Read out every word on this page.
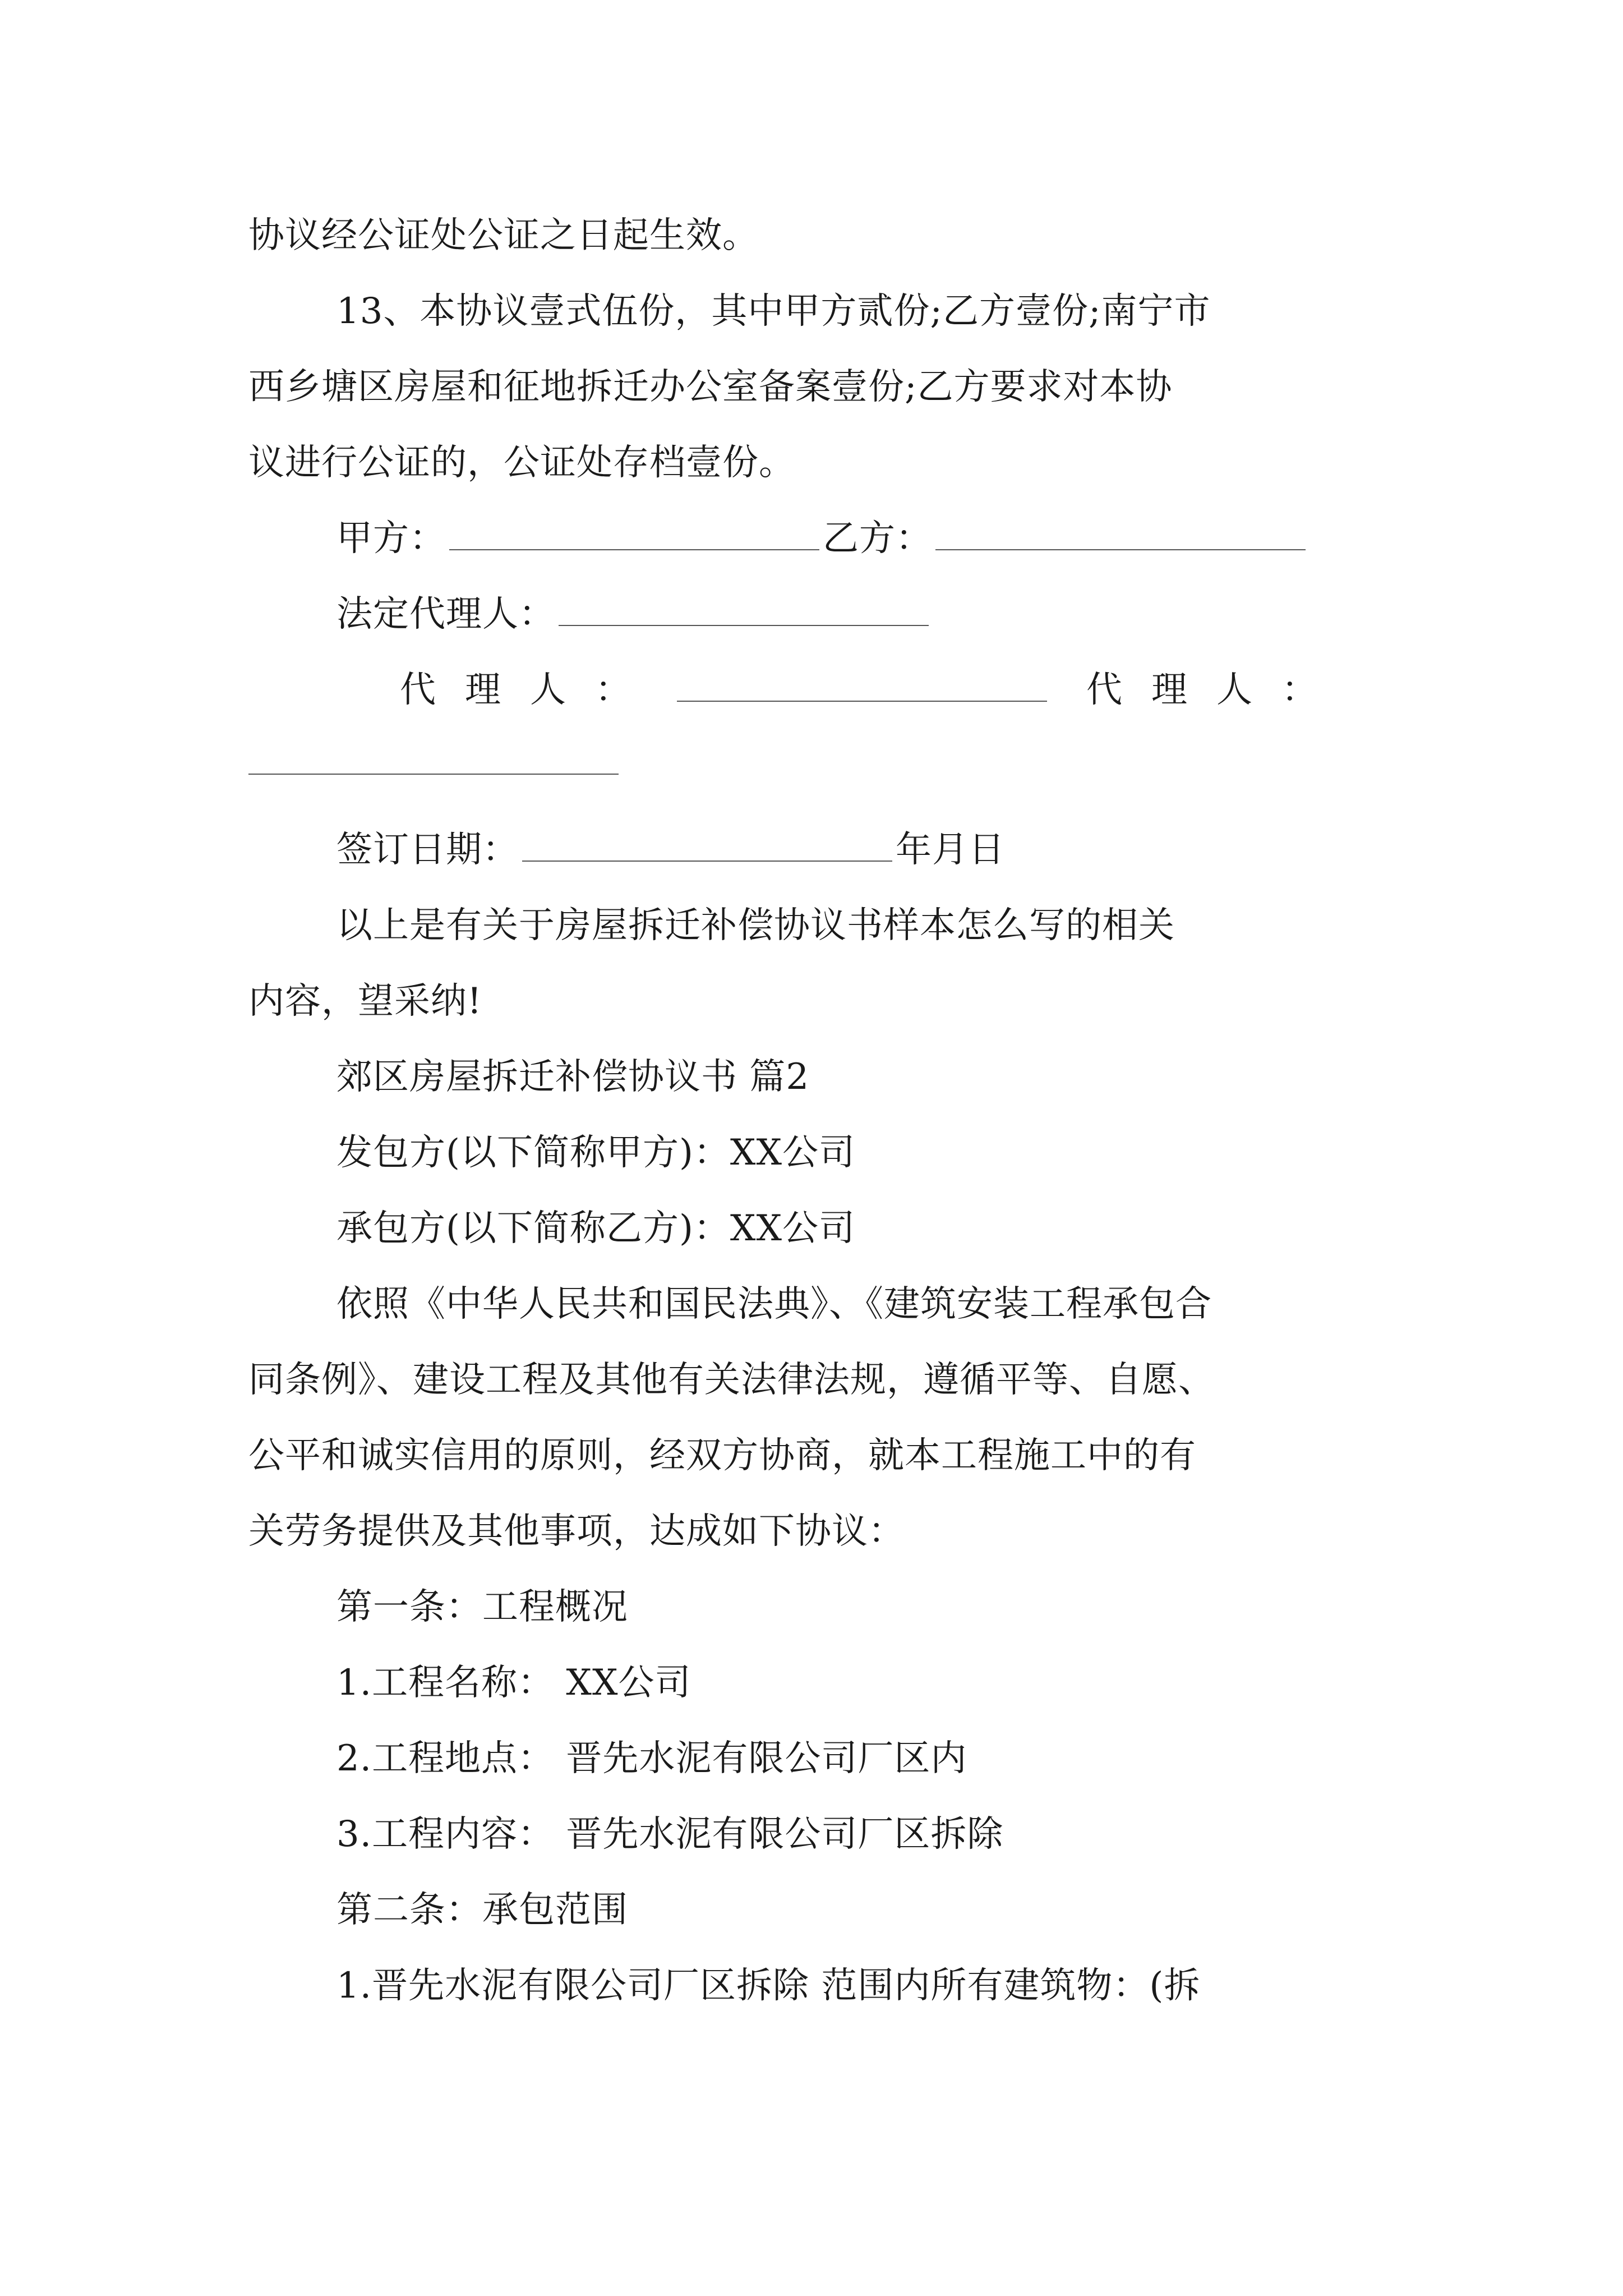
协议经公证处公证之日起生效。
13、本协议壹式伍份，其中甲方贰份;乙方壹份;南宁市
西乡塘区房屋和征地拆迁办公室备案壹份;乙方要求对本协
议进行公证的，公证处存档壹份。
甲方：	乙方：
法定代理人：
代理人：	代理人：
签订日期：	年月日
以上是有关于房屋拆迁补偿协议书样本怎么写的相关
内容，望采纳!
郊区房屋拆迁补偿协议书 篇2
发包方(以下简称甲方)：XX公司
承包方(以下简称乙方)：XX公司
依照《中华人民共和国民法典》、《建筑安装工程承包合
同条例》、建设工程及其他有关法律法规，遵循平等、自愿、
公平和诚实信用的原则，经双方协商，就本工程施工中的有
关劳务提供及其他事项，达成如下协议：
第一条：工程概况
1.工程名称： XX公司
2.工程地点： 晋先水泥有限公司厂区内
3.工程内容： 晋先水泥有限公司厂区拆除
第二条：承包范围
1.晋先水泥有限公司厂区拆除 范围内所有建筑物：(拆
